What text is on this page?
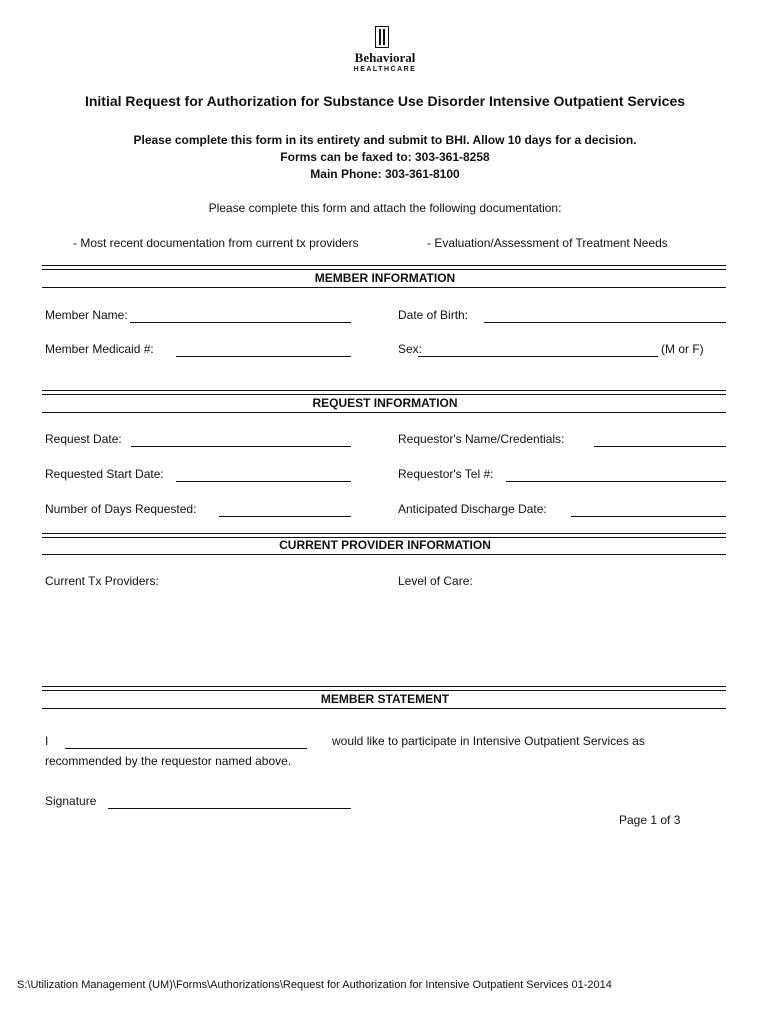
Behavioral
HEALTHCARE
Initial Request for Authorization for Substance Use Disorder Intensive Outpatient Services
Please complete this form in its entirety and submit to BHI. Allow 10 days for a decision.
Forms can be faxed to: 303-361-8258
Main Phone: 303-361-8100
Please complete this form and attach the following documentation:
- Most recent documentation from current tx providers	- Evaluation/Assessment of Treatment Needs
MEMBER INFORMATION
Member Name:	Date of Birth:
Member Medicaid #:	Sex:	(M or F)
REQUEST INFORMATION
Request Date:	Requestor's Name/Credentials:
Requested Start Date:	Requestor's Tel #:
Number of Days Requested:	Anticipated Discharge Date:
CURRENT PROVIDER INFORMATION
Current Tx Providers:	Level of Care:
MEMBER STATEMENT
I	would like to participate in Intensive Outpatient Services as
recommended by the requestor named above.
Signature
Page 1 of 3
S:\Utilization Management (UM)\Forms\Authorizations\Request for Authorization for Intensive Outpatient Services 01-2014
